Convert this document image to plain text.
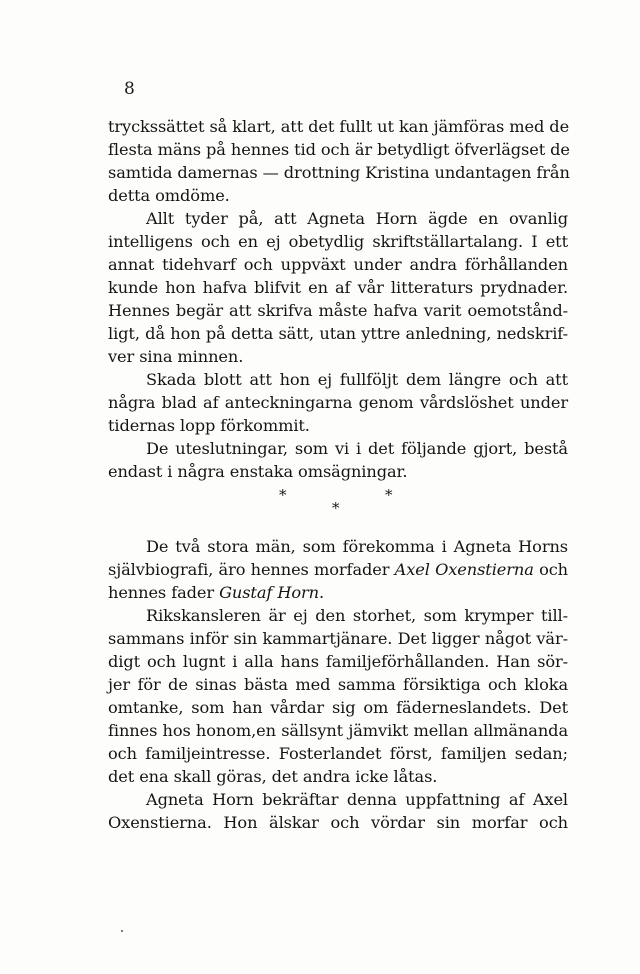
8
tryckssättet så klart, att det fullt ut kan jämföras med de
flesta mäns på hennes tid och är betydligt öfverlägset de
samtida damernas — drottning Kristina undantagen från
detta omdöme.
Allt tyder på, att Agneta Horn ägde en ovanlig
intelligens och en ej obetydlig skriftställartalang. I ett
annat tidehvarf och uppväxt under andra förhållanden
kunde hon hafva blifvit en af vår litteraturs prydnader.
Hennes begär att skrifva måste hafva varit oemotstånd-
ligt, då hon på detta sätt, utan yttre anledning, nedskrif-
ver sina minnen.
Skada blott att hon ej fullföljt dem längre och att
några blad af anteckningarna genom vårdslöshet under
tidernas lopp förkommit.
De uteslutningar, som vi i det följande gjort, bestå
endast i några enstaka omsägningar.
*	*
*
De två stora män, som förekomma i Agneta Horns
självbiografi, äro hennes morfader Axel Oxenstierna och
hennes fader Gustaf Horn.
Rikskansleren är ej den storhet, som krymper till-
sammans inför sin kammartjänare. Det ligger något vär-
digt och lugnt i alla hans familjeförhållanden. Han sör-
jer för de sinas bästa med samma försiktiga och kloka
omtanke, som han vårdar sig om fäderneslandets. Det
finnes hos honom,en sällsynt jämvikt mellan allmänanda
och familjeintresse. Fosterlandet först, familjen sedan;
det ena skall göras, det andra icke låtas.
Agneta Horn bekräftar denna uppfattning af Axel
Oxenstierna. Hon älskar och vördar sin morfar och
